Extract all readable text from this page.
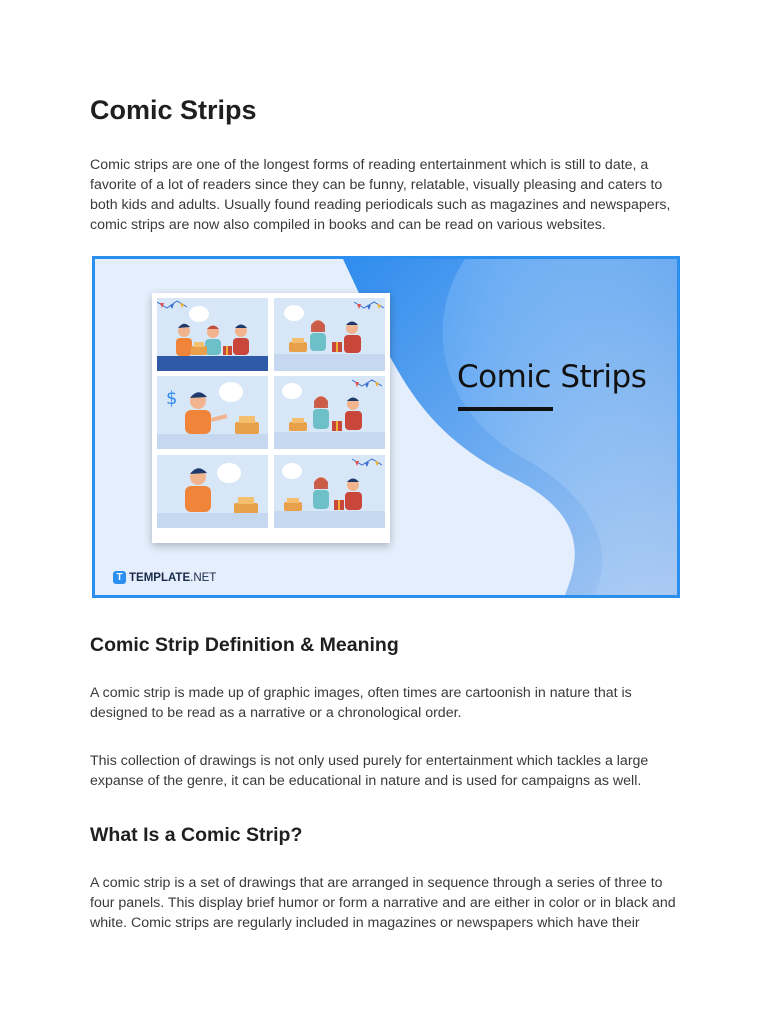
Comic Strips

Comic strips are one of the longest forms of reading entertainment which is still to date, a favorite of a lot of readers since they can be funny, relatable, visually pleasing and caters to both kids and adults. Usually found reading periodicals such as magazines and newspapers, comic strips are now also compiled in books and can be read on various websites.

$
Comic Strips
T TEMPLATE .NET
Comic Strip Definition & Meaning

A comic strip is made up of graphic images, often times are cartoonish in nature that is designed to be read as a narrative or a chronological order.

This collection of drawings is not only used purely for entertainment which tackles a large expanse of the genre, it can be educational in nature and is used for campaigns as well.

What Is a Comic Strip?

A comic strip is a set of drawings that are arranged in sequence through a series of three to four panels. This display brief humor or form a narrative and are either in color or in black and white. Comic strips are regularly included in magazines or newspapers which have their
